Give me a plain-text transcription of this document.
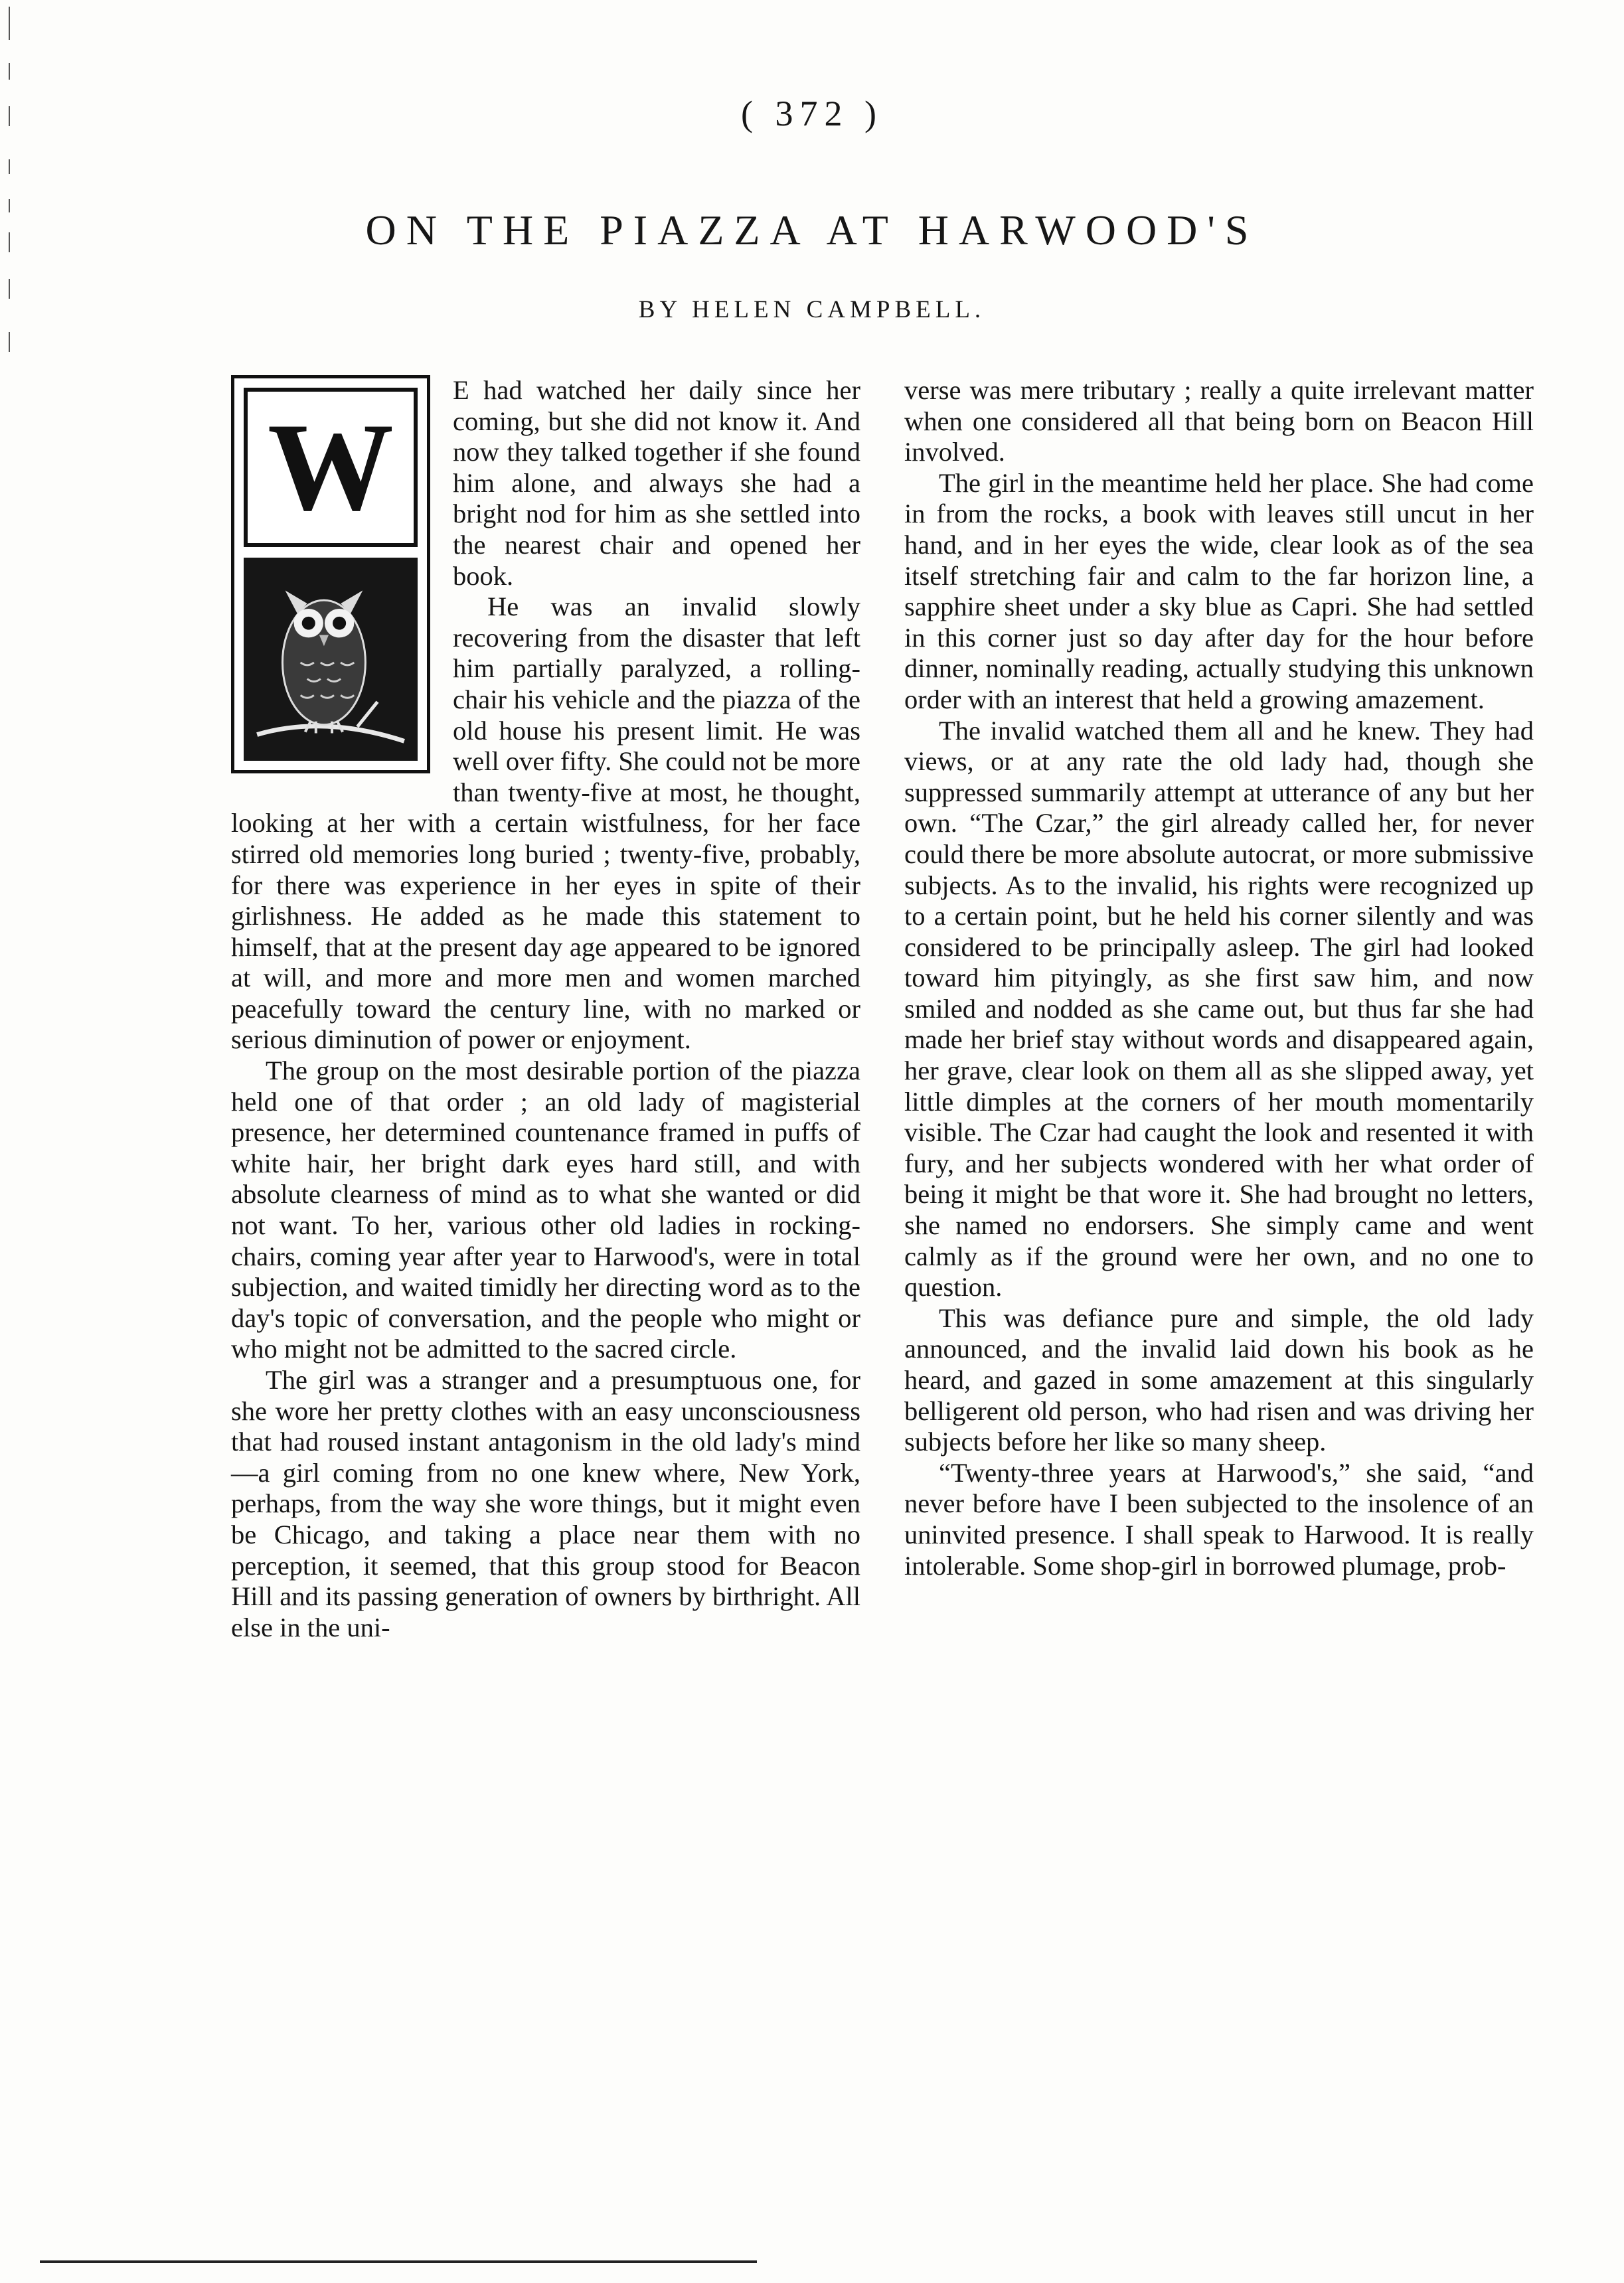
( 372 )
ON THE PIAZZA AT HARWOOD'S
BY HELEN CAMPBELL.
W

E had watched her daily since her coming, but she did not know it. And now they talked together if she found him alone, and always she had a bright nod for him as she settled into the nearest chair and opened her book.

He was an invalid slowly recovering from the disaster that left him partially paralyzed, a rolling-chair his vehicle and the piazza of the old house his present limit. He was well over fifty. She could not be more than twenty-five at most, he thought, looking at her with a certain wistfulness, for her face stirred old memories long buried ; twenty-five, probably, for there was experience in her eyes in spite of their girlishness. He added as he made this statement to himself, that at the present day age appeared to be ignored at will, and more and more men and women marched peacefully toward the century line, with no marked or serious diminution of power or enjoyment.

The group on the most desirable portion of the piazza held one of that order ; an old lady of magisterial presence, her determined countenance framed in puffs of white hair, her bright dark eyes hard still, and with absolute clearness of mind as to what she wanted or did not want. To her, various other old ladies in rocking-chairs, coming year after year to Harwood's, were in total subjection, and waited timidly her directing word as to the day's topic of conversation, and the people who might or who might not be admitted to the sacred circle.

The girl was a stranger and a presumptuous one, for she wore her pretty clothes with an easy unconsciousness that had roused instant antagonism in the old lady's mind—a girl coming from no one knew where, New York, perhaps, from the way she wore things, but it might even be Chicago, and taking a place near them with no perception, it seemed, that this group stood for Beacon Hill and its passing generation of owners by birthright. All else in the uni-

verse was mere tributary ; really a quite irrelevant matter when one considered all that being born on Beacon Hill involved.

The girl in the meantime held her place. She had come in from the rocks, a book with leaves still uncut in her hand, and in her eyes the wide, clear look as of the sea itself stretching fair and calm to the far horizon line, a sapphire sheet under a sky blue as Capri. She had settled in this corner just so day after day for the hour before dinner, nominally reading, actually studying this unknown order with an interest that held a growing amazement.

The invalid watched them all and he knew. They had views, or at any rate the old lady had, though she suppressed summarily attempt at utterance of any but her own. “The Czar,” the girl already called her, for never could there be more absolute autocrat, or more submissive subjects. As to the invalid, his rights were recognized up to a certain point, but he held his corner silently and was considered to be principally asleep. The girl had looked toward him pityingly, as she first saw him, and now smiled and nodded as she came out, but thus far she had made her brief stay without words and disappeared again, her grave, clear look on them all as she slipped away, yet little dimples at the corners of her mouth momentarily visible. The Czar had caught the look and resented it with fury, and her subjects wondered with her what order of being it might be that wore it. She had brought no letters, she named no endorsers. She simply came and went calmly as if the ground were her own, and no one to question.

This was defiance pure and simple, the old lady announced, and the invalid laid down his book as he heard, and gazed in some amazement at this singularly belligerent old person, who had risen and was driving her subjects before her like so many sheep.

“Twenty-three years at Harwood's,” she said, “and never before have I been subjected to the insolence of an uninvited presence. I shall speak to Harwood. It is really intolerable. Some shop-girl in borrowed plumage, prob-
